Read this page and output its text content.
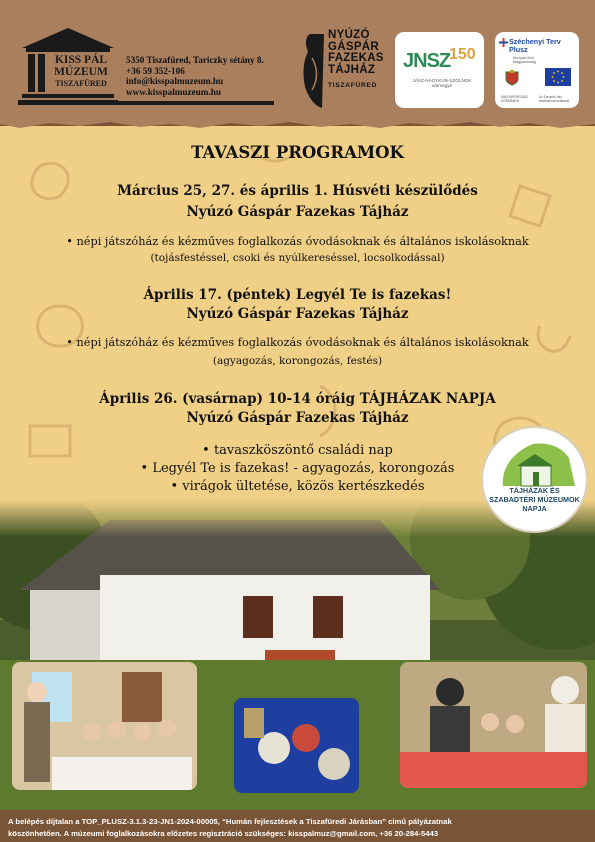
KISS PÁL
MÚZEUM
TISZAFÜRED
5350 Tiszafüred, Tariczky sétány 8.
+36 59 352-106
info@kisspalmuzeum.hu
www.kisspalmuzeum.hu
NYÚZÓ
GÁSPÁR
FAZEKAS
TÁJHÁZ
TISZAFÜRED
JNSZ
150
JÁSZ-NAGYKUN-SZOLNOK vármegye
Széchenyi Terv
Plusz
Európai Unió
Magyarország
MAGYARORSZÁG
KORMÁNYA
Az Európai Unió
társfinanszírozásával
TAVASZI PROGRAMOK
Március 25, 27. és április 1. Húsvéti készülődés
Nyúzó Gáspár Fazekas Tájház
• népi játszóház és kézműves foglalkozás óvodásoknak és általános iskolásoknak
(tojásfestéssel, csoki és nyúlkereséssel, locsolkodással)
Április 17. (péntek) Legyél Te is fazekas!
Nyúzó Gáspár Fazekas Tájház
• népi játszóház és kézműves foglalkozás óvodásoknak és általános iskolásoknak
(agyagozás, korongozás, festés)
Április 26. (vasárnap) 10-14 óráig TÁJHÁZAK NAPJA
Nyúzó Gáspár Fazekas Tájház
• tavaszköszöntő családi nap
• Legyél Te is fazekas! - agyagozás, korongozás
• virágok ültetése, közös kertészkedés	TÁJHÁZAK ÉS
SZABADTÉRI MÚZEUMOK
NAPJA
A belépés díjtalan a TOP_PLUSZ-3.1.3-23-JN1-2024-00005, “Humán fejlesztések a Tiszafüredi Járásban” című pályázatnak
köszönhetően. A múzeumi foglalkozásokra előzetes regisztráció szükséges: kisspalmuz@gmail.com, +36 20-284-5443
